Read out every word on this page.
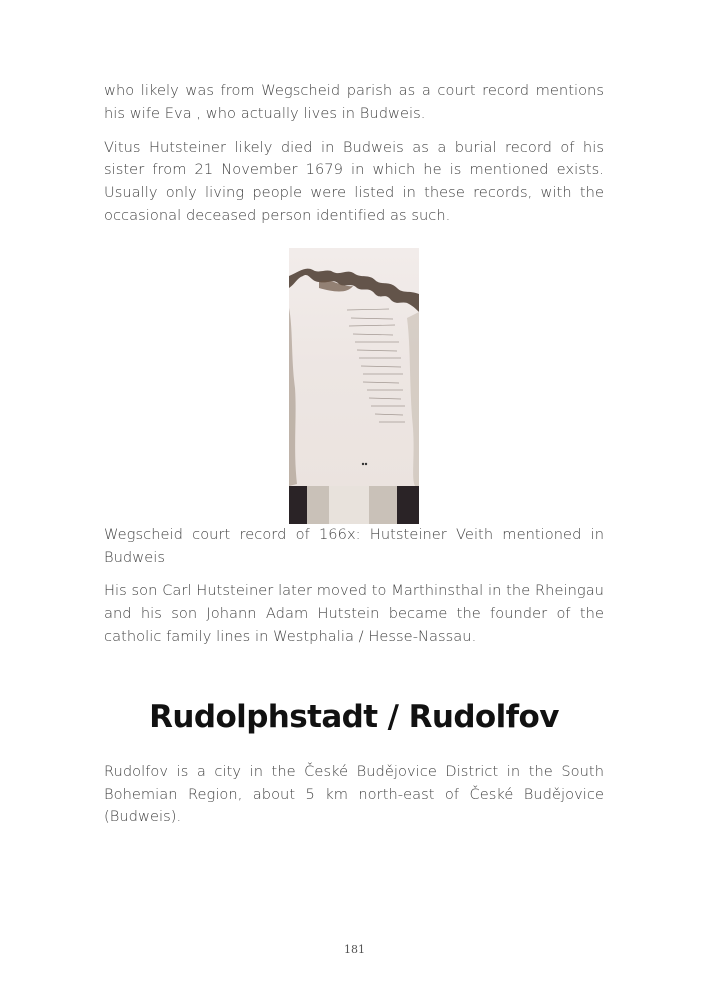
who likely was from Wegscheid parish as a court record mentions his wife Eva , who actually lives in Budweis.

Vitus Hutsteiner likely died in Budweis as a burial record of his sister from 21 November 1679 in which he is mentioned exists. Usually only living people were listed in these records, with the occasional deceased person identified as such.

Wegscheid court record of 166x: Hutsteiner Veith mentioned in Budweis

His son Carl Hutsteiner later moved to Marthinsthal in the Rheingau and his son Johann Adam Hutstein became the founder of the catholic family lines in Westphalia / Hesse-Nassau.

Rudolphstadt / Rudolfov

Rudolfov is a city in the České Budějovice District in the South Bohemian Region, about 5 km north-east of České Budějovice (Budweis).

181
